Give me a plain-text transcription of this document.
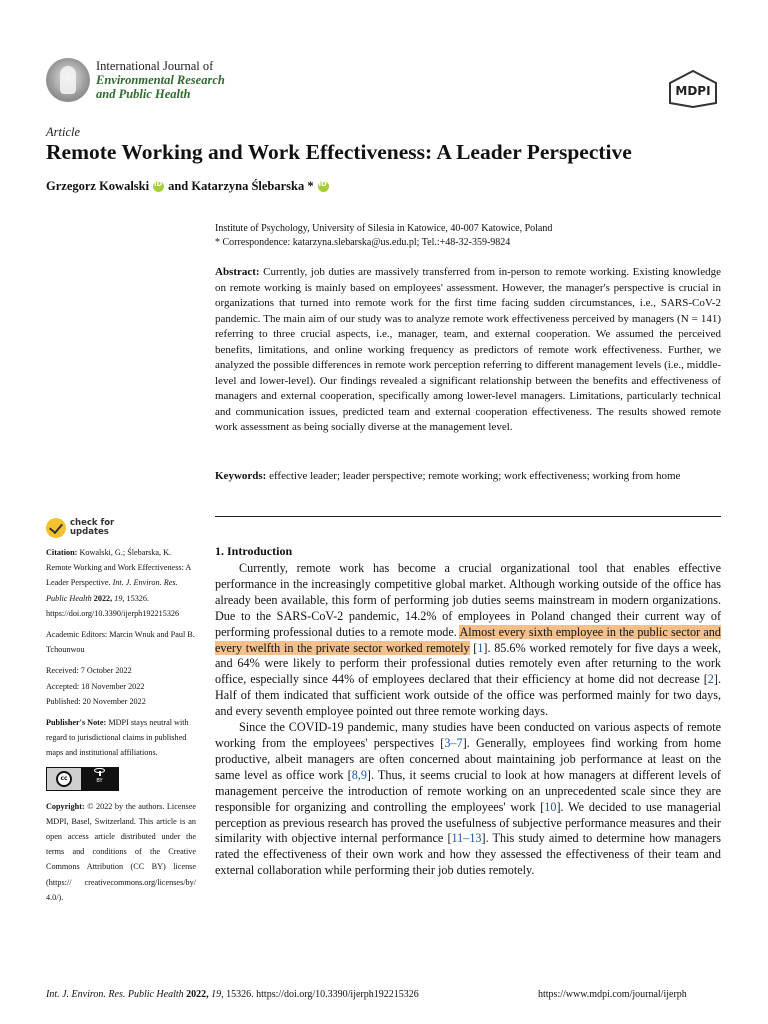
International Journal of
Environmental Research
and Public Health	MDPI
Article
Remote Working and Work Effectiveness: A Leader Perspective
Grzegorz Kowalski
iD and
Katarzyna Ślebarska *
iD
Institute of Psychology, University of Silesia in Katowice, 40-007 Katowice, Poland
* Correspondence: katarzyna.slebarska@us.edu.pl; Tel.:+48-32-359-9824
Abstract: Currently, job duties are massively transferred from in-person to remote working. Existing knowledge on remote working is mainly based on employees' assessment. However, the manager's perspective is crucial in organizations that turned into remote work for the first time facing sudden circumstances, i.e., SARS-CoV-2 pandemic. The main aim of our study was to analyze remote work effectiveness perceived by managers (N = 141) referring to three crucial aspects, i.e., manager, team, and external cooperation. We assumed the perceived benefits, limitations, and online working frequency as predictors of remote work effectiveness. Further, we analyzed the possible differences in remote work perception referring to different management levels (i.e., middle-level and lower-level). Our findings revealed a significant relationship between the benefits and effectiveness of managers and external cooperation, specifically among lower-level managers. Limitations, particularly technical and communication issues, predicted team and external cooperation effectiveness. The results showed remote work assessment as being socially diverse at the management level.
Keywords: effective leader; leader perspective; remote working; work effectiveness; working from home
check for
updates

Citation: Kowalski, G.; Ślebarska, K. Remote Working and Work Effectiveness: A Leader Perspective. Int. J. Environ. Res. Public Health 2022, 19, 15326. https://doi.org/10.3390/ijerph192215326

Academic Editors: Marcin Wnuk and Paul B. Tchounwou

Received: 7 October 2022
Accepted: 18 November 2022
Published: 20 November 2022

Publisher's Note: MDPI stays neutral with regard to jurisdictional claims in published maps and institutional affiliations.

cc	BY

Copyright: © 2022 by the authors. Licensee MDPI, Basel, Switzerland. This article is an open access article distributed under the terms and conditions of the Creative Commons Attribution (CC BY) license (https:// creativecommons.org/licenses/by/ 4.0/).

1. Introduction

Currently, remote work has become a crucial organizational tool that enables effective performance in the increasingly competitive global market. Although working outside of the office has already been available, this form of performing job duties seems mainstream in modern organizations. Due to the SARS-CoV-2 pandemic, 14.2% of employees in Poland changed their current way of performing professional duties to a remote mode. Almost every sixth employee in the public sector and every twelfth in the private sector worked remotely [1]. 85.6% worked remotely for five days a week, and 64% were likely to perform their professional duties remotely even after returning to the work office, especially since 44% of employees declared that their efficiency at home did not decrease [2]. Half of them indicated that sufficient work outside of the office was performed mainly for two days, and every seventh employee pointed out three remote working days.

Since the COVID-19 pandemic, many studies have been conducted on various aspects of remote working from the employees' perspectives [3–7]. Generally, employees find working from home productive, albeit managers are often concerned about maintaining job performance at least on the same level as office work [8,9]. Thus, it seems crucial to look at how managers at different levels of management perceive the introduction of remote working on an unprecedented scale since they are responsible for organizing and controlling the employees' work [10]. We decided to use managerial perception as previous research has proved the usefulness of subjective performance measures and their similarity with objective internal performance [11–13]. This study aimed to determine how managers rated the effectiveness of their own work and how they assessed the effectiveness of their team and external collaboration while performing their job duties remotely.

Int. J. Environ. Res. Public Health 2022, 19, 15326. https://doi.org/10.3390/ijerph192215326	https://www.mdpi.com/journal/ijerph
